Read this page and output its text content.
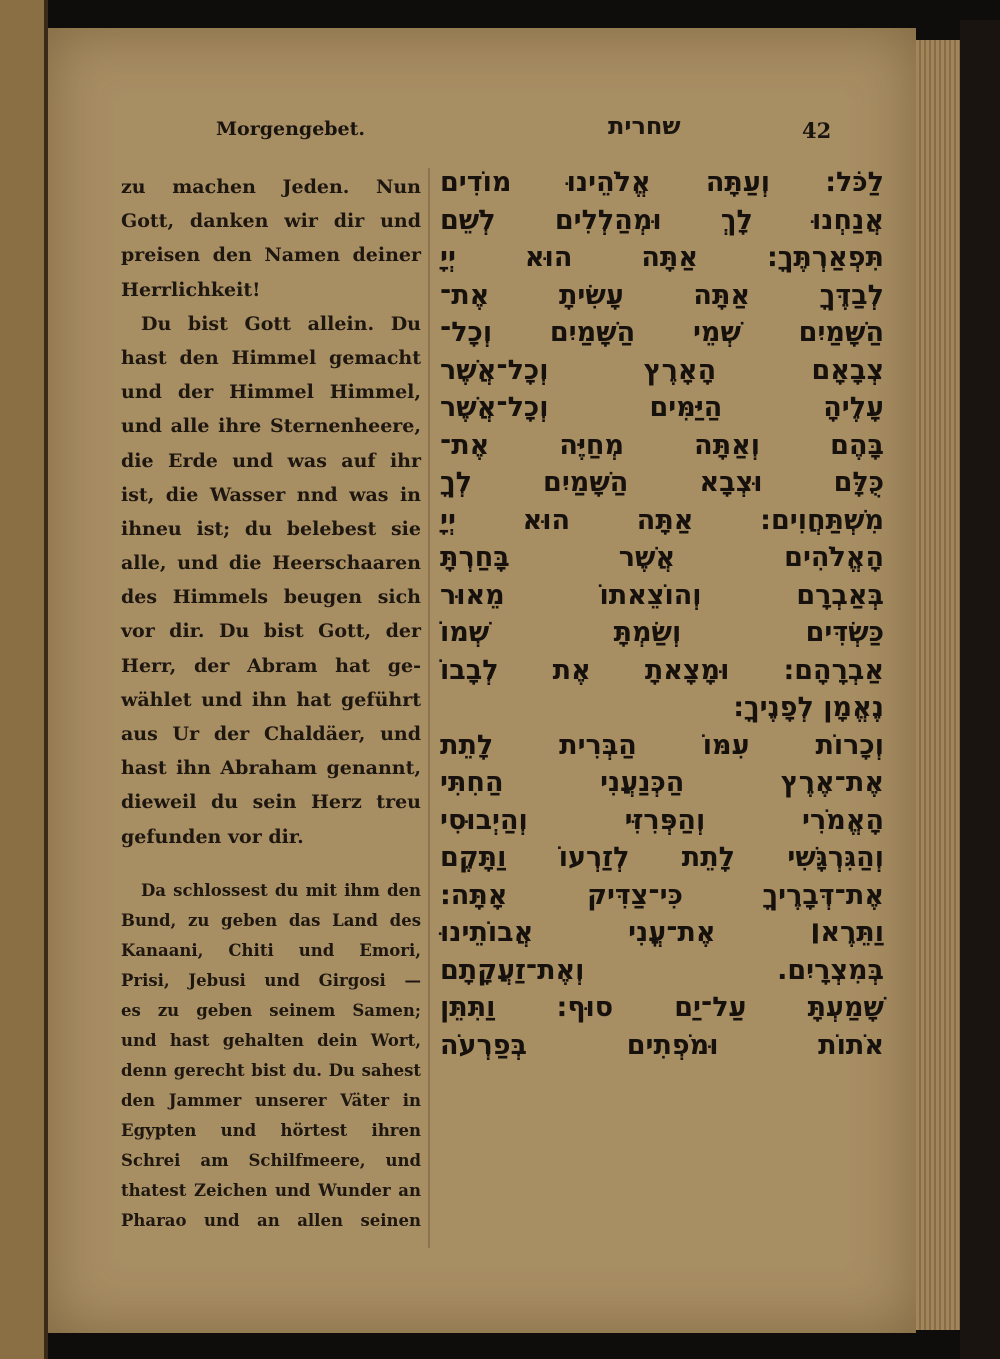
Morgengebet.	שחרית	42
zu machen Jeden. Nun
Gott, danken wir dir und
preisen den Namen deiner
Herrlichkeit!
Du bist Gott allein. Du
hast den Himmel gemacht
und der Himmel Himmel,
und alle ihre Sternenheere,
die Erde und was auf ihr
ist, die Wasser nnd was in
ihneu ist; du belebest sie
alle, und die Heerschaaren
des Himmels beugen sich
vor dir. Du bist Gott, der
Herr, der Abram hat ge-
wählet und ihn hat geführt
aus Ur der Chaldäer, und
hast ihn Abraham genannt,
dieweil du sein Herz treu
gefunden vor dir.
Da schlossest du mit ihm den
Bund, zu geben das Land des
Kanaani, Chiti und Emori,
Prisi, Jebusi und Girgosi —
es zu geben seinem Samen;
und hast gehalten dein Wort,
denn gerecht bist du. Du sahest
den Jammer unserer Väter in
Egypten und hörtest ihren
Schrei am Schilfmeere, und
thatest Zeichen und Wunder an
Pharao und an allen seinen
לַכֹּל: וְעַתָּה אֱלֹהֵינוּ מוֹדִים
אֲנַחְנוּ לָךְ וּמְהַלְלִים לְשֵׁם
תִּפְאַרְתֶּךָ: אַתָּה הוּא יְיָ
לְבַדֶּךָ אַתָּה עָשִׂיתָ אֶת־
הַשָּׁמַיִם שְׁמֵי הַשָּׁמַיִם וְכָל־
צְבָאָם הָאָרֶץ וְכָל־אֲשֶׁר
עָלֶיהָ הַיַּמִּים וְכָל־אֲשֶׁר
בָּהֶם וְאַתָּה מְחַיֶּה אֶת־
כֻּלָּם וּצְבָא הַשָּׁמַיִם לְךָ
מִשְׁתַּחֲוִים: אַתָּה הוּא יְיָ
הָאֱלֹהִים אֲשֶׁר בָּחַרְתָּ
בְּאַבְרָם וְהוֹצֵאתוֹ מֵאוּר
כַּשְׂדִּים וְשַׂמְתָּ שְׁמוֹ
אַבְרָהָם: וּמָצָאתָ אֶת לְבָבוֹ
נֶאֱמָן לְפָנֶיךָ:
וְכָרוֹת עִמּוֹ הַבְּרִית לָתֵת
אֶת־אֶרֶץ הַכְּנַעֲנִי הַחִתִּי
הָאֱמֹרִי וְהַפְּרִזִּי וְהַיְבוּסִי
וְהַגִּרְגָּשִׁי לָתֵת לְזַרְעוֹ וַתָּקֶם
אֶת־דְּבָרֶיךָ כִּי־צַדִּיק אָתָּה:
וַתֵּרֶא׀ אֶת־עֳנִי אֲבוֹתֵינוּ
בְּמִצְרָיִם. וְאֶת־זַעֲקָתָם
שָׁמַעְתָּ עַל־יַם סוּף: וַתִּתֵּן
אֹתוֹת וּמֹפְתִים בְּפַרְעֹה
